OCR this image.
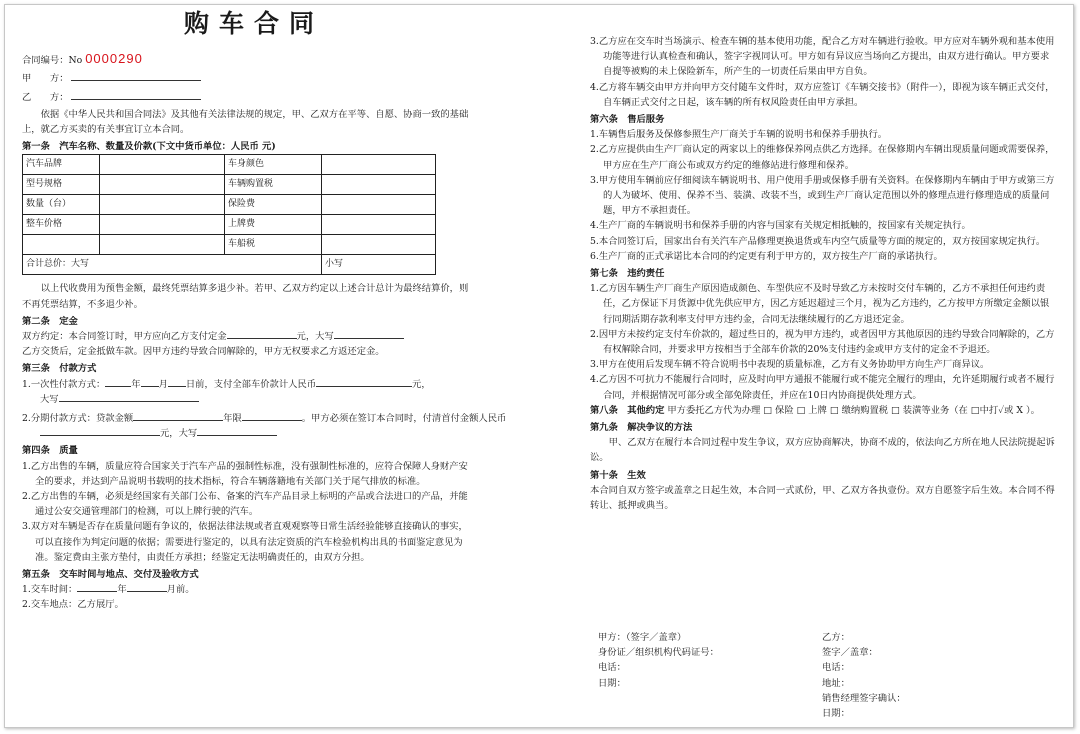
购车合同
合同编号：No 0000290
甲　　方：
乙　　方：
依据《中华人民共和国合同法》及其他有关法律法规的规定，甲、乙双方在平等、自愿、协商一致的基础上，就乙方买卖的有关事宜订立本合同。
第一条　汽车名称、数量及价款(下文中货币单位：人民币 元)
汽车品牌		车身颜色	
型号规格		车辆购置税	
数量（台）		保险费	
整车价格		上牌费	
		车船税	
合计总价：大写			小写
以上代收费用为预售金额，最终凭票结算多退少补。若甲、乙双方约定以上述合计总计为最终结算价，则不再凭票结算，不多退少补。
第二条　定金
双方约定：本合同签订时，甲方应向乙方支付定金	元，大写
乙方交货后，定金抵做车款。因甲方违约导致合同解除的，甲方无权要求乙方返还定金。
第三条　付款方式
1.一次性付款方式：	年 月 日前，支付全部车价款计人民币	元，
大写
2.分期付款方式：贷款金额	年限	。甲方必须在签订本合同时，付清首付金额人民币
元，大写
第四条　质量
1.乙方出售的车辆，质量应符合国家关于汽车产品的强制性标准，没有强制性标准的，应符合保障人身财产安全的要求，并达到产品说明书载明的技术指标，符合车辆落籍地有关部门关于尾气排放的标准。
2.乙方出售的车辆，必须是经国家有关部门公布、备案的汽车产品目录上标明的产品或合法进口的产品，并能通过公安交通管理部门的检测，可以上牌行驶的汽车。
3.双方对车辆是否存在质量问题有争议的，依据法律法规或者直观观察等日常生活经验能够直接确认的事实，可以直接作为判定问题的依据；需要进行鉴定的，以具有法定资质的汽车检验机构出具的书面鉴定意见为准。鉴定费由主张方垫付，由责任方承担；经鉴定无法明确责任的，由双方分担。
第五条　交车时间与地点、交付及验收方式
1.交车时间：	年	月前。
2.交车地点：乙方展厅。
3.乙方应在交车时当场演示、检查车辆的基本使用功能，配合乙方对车辆进行验收。甲方应对车辆外观和基本使用功能等进行认真检查和确认，签字字视同认可。甲方如有异议应当场向乙方提出，由双方进行确认。甲方要求自提等被购的未上保险新车，所产生的一切责任后果由甲方自负。
4.乙方将车辆交由甲方并向甲方交付随车文件时，双方应签订《车辆交接书》（附件一），即视为该车辆正式交付，自车辆正式交付之日起，该车辆的所有权风险责任由甲方承担。
第六条　售后服务
1.车辆售后服务及保修参照生产厂商关于车辆的说明书和保养手册执行。
2.乙方应提供由生产厂商认定的两家以上的维修保养网点供乙方选择。在保修期内车辆出现质量问题或需要保养，甲方应在生产厂商公布或双方约定的维修站进行修理和保养。
3.甲方使用车辆前应仔细阅读车辆说明书、用户使用手册或保修手册有关资料。在保修期内车辆由于甲方或第三方的人为破坏、使用、保养不当、装潢、改装不当，或到生产厂商认定范围以外的修理点进行修理造成的质量问题，甲方不承担责任。
4.生产厂商的车辆说明书和保养手册的内容与国家有关规定相抵触的，按国家有关规定执行。
5.本合同签订后，国家出台有关汽车产品修理更换退货或车内空气质量等方面的规定的，双方按国家规定执行。
6.生产厂商的正式承诺比本合同的约定更有利于甲方的，双方按生产厂商的承诺执行。
第七条　违约责任
1.乙方因车辆生产厂商生产原因造成颜色、车型供应不及时导致乙方未按时交付车辆的，乙方不承担任何违约责任，乙方保证下月货源中优先供应甲方，因乙方延迟超过三个月，视为乙方违约，乙方按甲方所缴定金额以银行同期活期存款利率支付甲方违约金，合同无法继续履行的乙方退还定金。
2.因甲方未按约定支付车价款的，超过些日的，视为甲方违约，或者因甲方其他原因的违约导致合同解除的，乙方有权解除合同，并要求甲方按相当于全部车价款的20%支付违约金或甲方支付的定金不予退还。
3.甲方在使用后发现车辆不符合说明书中表现的质量标准，乙方有义务协助甲方向生产厂商异议。
4.乙方因不可抗力不能履行合同时，应及时向甲方通报不能履行或不能完全履行的理由，允许延期履行或者不履行合同，并根据情况可部分或全部免除责任，并应在10日内协商提供处理方式。
第八条　其他约定 甲方委托乙方代为办理 □ 保险 □ 上牌 □ 缴纳购置税 □ 装潢等业务（在 □中打✓或 X ）。
第九条　解决争议的方法
甲、乙双方在履行本合同过程中发生争议，双方应协商解决，协商不成的，依法向乙方所在地人民法院提起诉讼。
第十条　生效
本合同自双方签字或盖章之日起生效，本合同一式贰份，甲、乙双方各执壹份。双方自愿签字后生效。本合同不得转让、抵押或典当。
甲方：（签字／盖章）
身份证／组织机构代码证号：
电话：
日期：
乙方：
签字／盖章：
电话：
地址：
销售经理签字确认：
日期：
